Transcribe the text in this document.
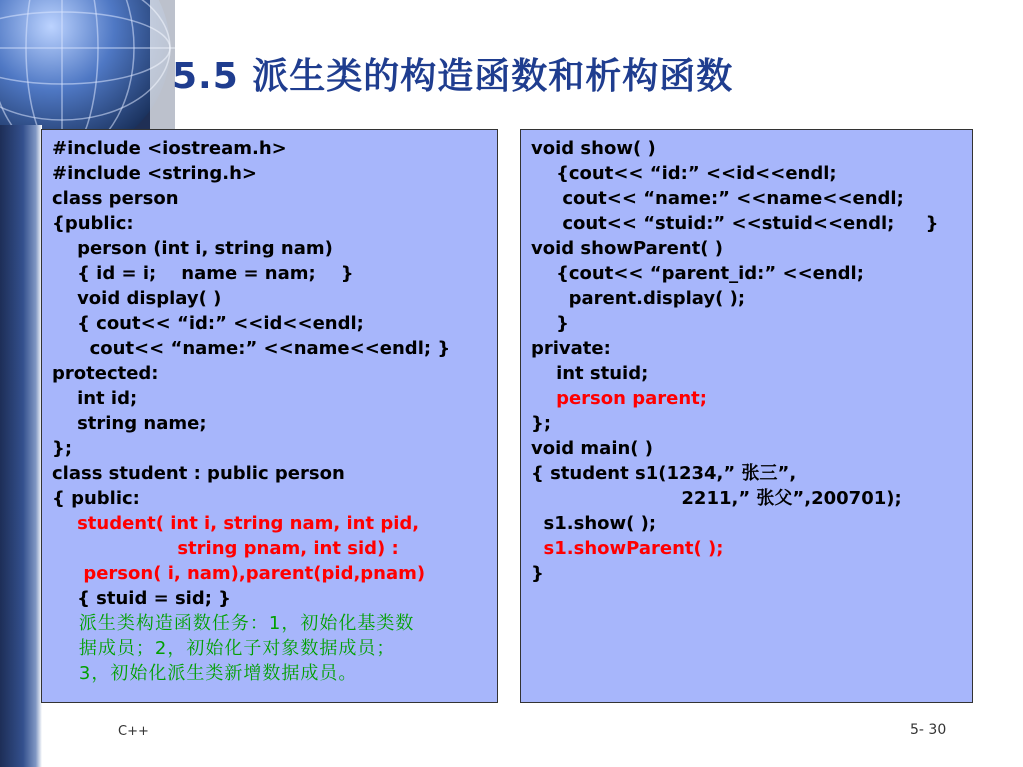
5.5 派生类的构造函数和析构函数
#include <iostream.h>
#include <string.h>
class person
{public:
person (int i, string nam)
{ id = i;    name = nam;    }
void display( )
{ cout<< “id:” <<id<<endl;
cout<< “name:” <<name<<endl; }
protected:
int id;
string name;
};
class student : public person
{ public:
student( int i, string nam, int pid,
string pnam, int sid) :
person( i, nam),parent(pid,pnam)
{ stuid = sid; }
派生类构造函数任务：1，初始化基类数
据成员；2，初始化子对象数据成员；
3，初始化派生类新增数据成员。
void show( )
{cout<< “id:” <<id<<endl;
cout<< “name:” <<name<<endl;
cout<< “stuid:” <<stuid<<endl;     }
void showParent( )
{cout<< “parent_id:” <<endl;
parent.display( );
}
private:
int stuid;
person parent;
};
void main( )
{ student s1(1234,” 张三”,
2211,” 张父”,200701);
s1.show( );
s1.showParent( );
}
C++	5- 30
